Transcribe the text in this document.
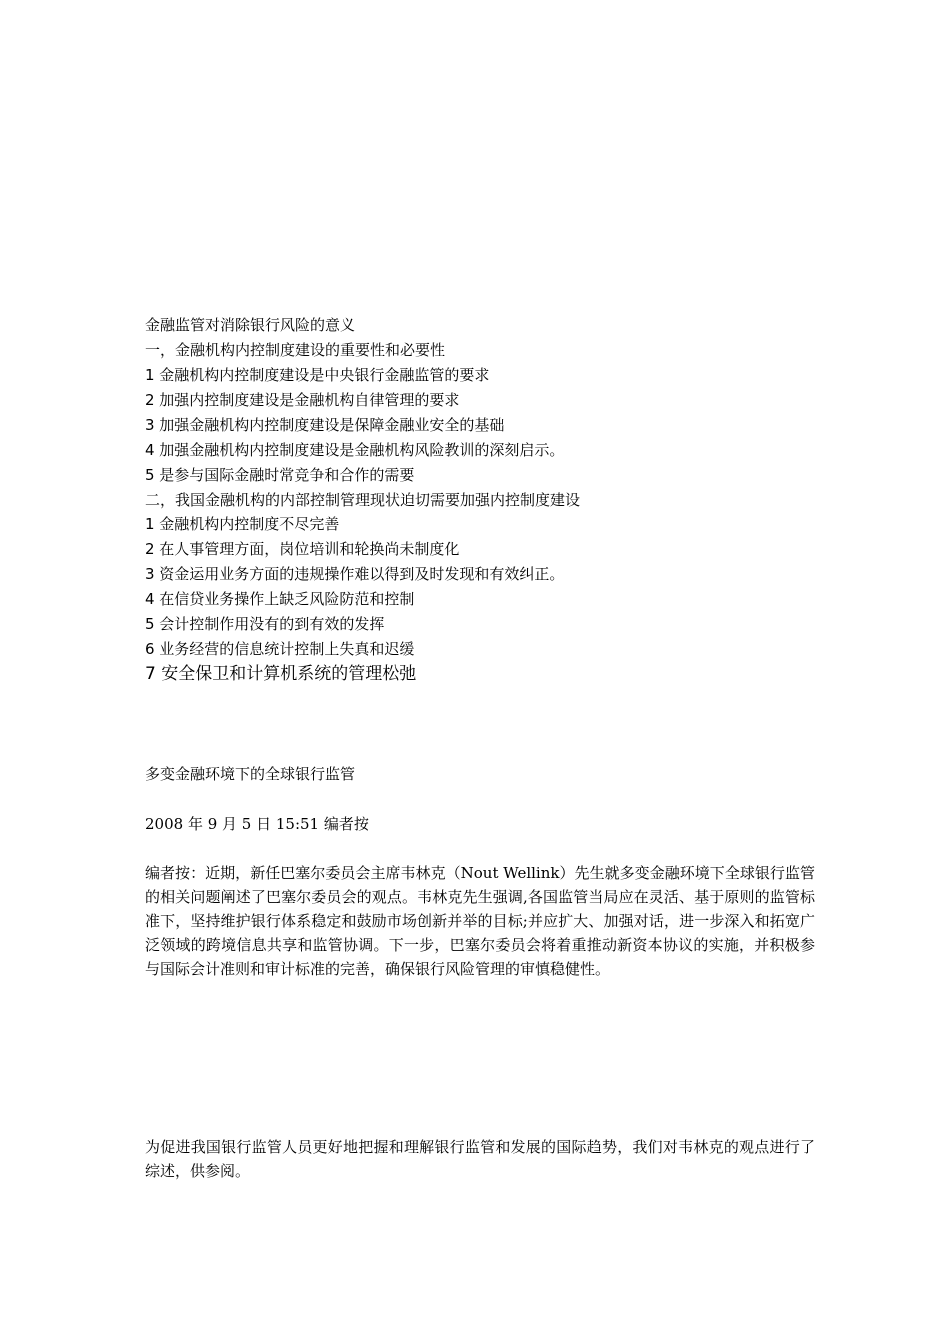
金融监管对消除银行风险的意义
一，金融机构内控制度建设的重要性和必要性
1 金融机构内控制度建设是中央银行金融监管的要求
2 加强内控制度建设是金融机构自律管理的要求
3 加强金融机构内控制度建设是保障金融业安全的基础
4 加强金融机构内控制度建设是金融机构风险教训的深刻启示。
5 是参与国际金融时常竞争和合作的需要
二，我国金融机构的内部控制管理现状迫切需要加强内控制度建设
1 金融机构内控制度不尽完善
2 在人事管理方面，岗位培训和轮换尚未制度化
3 资金运用业务方面的违规操作难以得到及时发现和有效纠正。
4 在信贷业务操作上缺乏风险防范和控制
5 会计控制作用没有的到有效的发挥
6 业务经营的信息统计控制上失真和迟缓
7 安全保卫和计算机系统的管理松弛
多变金融环境下的全球银行监管
2008 年 9 月 5 日 15:51 编者按
编者按：近期，新任巴塞尔委员会主席韦林克（Nout Wellink）先生就多变金融环境下全球银行监管的相关问题阐述了巴塞尔委员会的观点。韦林克先生强调,各国监管当局应在灵活、基于原则的监管标准下，坚持维护银行体系稳定和鼓励市场创新并举的目标;并应扩大、加强对话，进一步深入和拓宽广泛领域的跨境信息共享和监管协调。下一步，巴塞尔委员会将着重推动新资本协议的实施，并积极参与国际会计准则和审计标准的完善，确保银行风险管理的审慎稳健性。
为促进我国银行监管人员更好地把握和理解银行监管和发展的国际趋势，我们对韦林克的观点进行了综述，供参阅。
